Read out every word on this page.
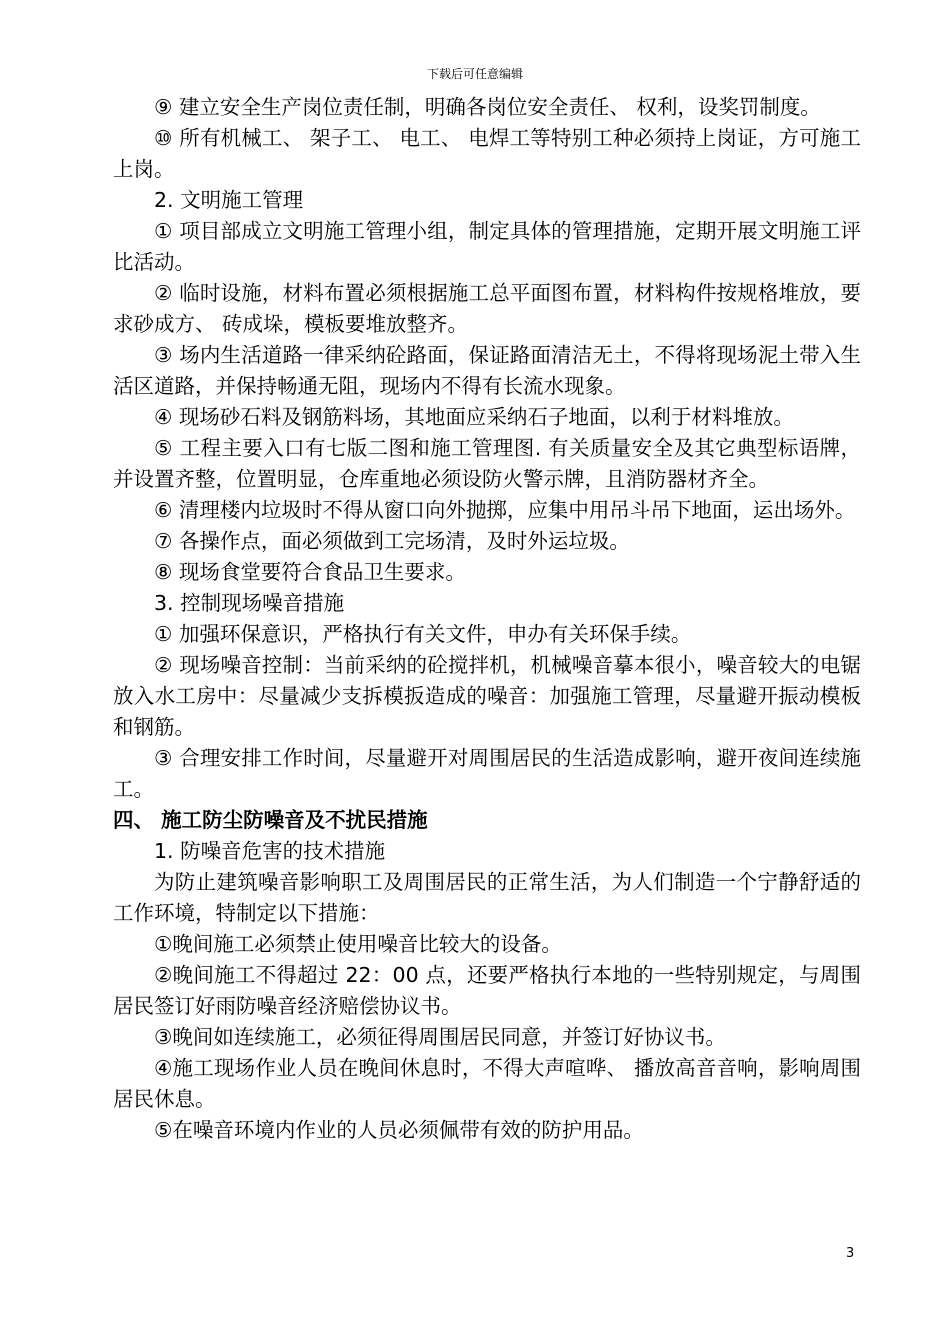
下载后可任意编辑

⑨ 建立安全生产岗位责任制，明确各岗位安全责任、 权利，设奖罚制度。

⑩ 所有机械工、 架子工、 电工、 电焊工等特别工种必须持上岗证，方可施工上岗。

2. 文明施工管理

① 项目部成立文明施工管理小组，制定具体的管理措施，定期开展文明施工评比活动。

② 临时设施，材料布置必须根据施工总平面图布置，材料构件按规格堆放，要求砂成方、 砖成垛，模板要堆放整齐。

③ 场内生活道路一律采纳砼路面，保证路面清洁无土，不得将现场泥土带入生活区道路，并保持畅通无阻，现场内不得有长流水现象。

④ 现场砂石料及钢筋料场，其地面应采纳石子地面，以利于材料堆放。

⑤ 工程主要入口有七版二图和施工管理图. 有关质量安全及其它典型标语牌，并设置齐整，位置明显，仓库重地必须设防火警示牌，且消防器材齐全。

⑥ 清理楼内垃圾时不得从窗口向外抛掷，应集中用吊斗吊下地面，运出场外。

⑦ 各操作点，面必须做到工完场清，及时外运垃圾。

⑧ 现场食堂要符合食品卫生要求。

3. 控制现场噪音措施

① 加强环保意识，严格执行有关文件，申办有关环保手续。

② 现场噪音控制：当前采纳的砼搅拌机，机械噪音摹本很小，噪音较大的电锯放入水工房中：尽量减少支拆模扳造成的噪音：加强施工管理，尽量避开振动模板和钢筋。

③ 合理安排工作时间，尽量避开对周围居民的生活造成影响，避开夜间连续施工。

四、 施工防尘防噪音及不扰民措施

1. 防噪音危害的技术措施

为防止建筑噪音影响职工及周围居民的正常生活，为人们制造一个宁静舒适的工作环境，特制定以下措施：

①晚间施工必须禁止使用噪音比较大的设备。

②晚间施工不得超过 22：00 点，还要严格执行本地的一些特别规定，与周围居民签订好雨防噪音经济赔偿协议书。

③晚间如连续施工，必须征得周围居民同意，并签订好协议书。

④施工现场作业人员在晚间休息时，不得大声喧哗、 播放高音音响，影响周围居民休息。

⑤在噪音环境内作业的人员必须佩带有效的防护用品。

3
